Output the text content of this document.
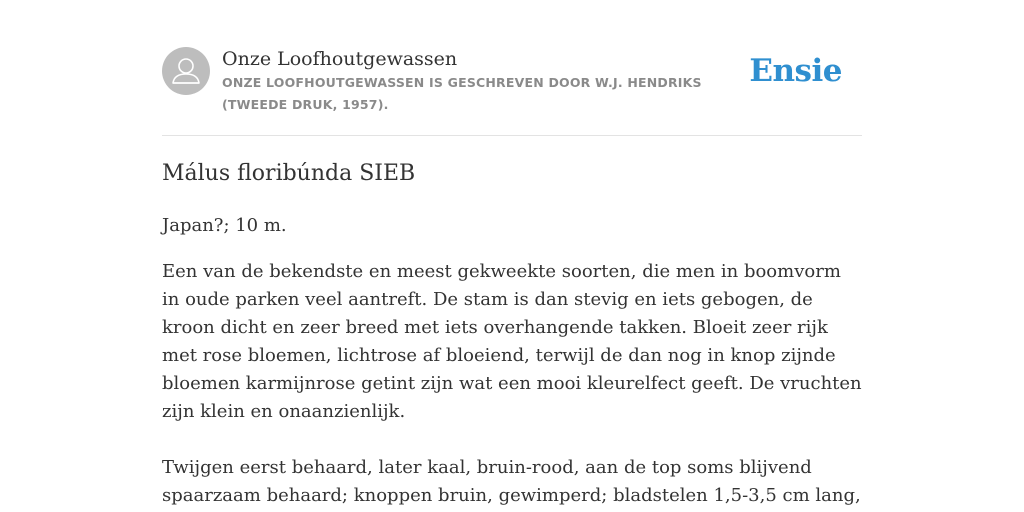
Onze Loofhoutgewassen
ONZE LOOFHOUTGEWASSEN IS GESCHREVEN DOOR W.J. HENDRIKS (TWEEDE DRUK, 1957).
Ensie
Málus floribúnda SIEB

Japan?; 10 m.

Een van de bekendste en meest gekweekte soorten, die men in boomvorm in oude parken veel aantreft. De stam is dan stevig en iets gebogen, de kroon dicht en zeer breed met iets overhangende takken. Bloeit zeer rijk met rose bloemen, lichtrose af bloeiend, terwijl de dan nog in knop zijnde bloemen karmijnrose getint zijn wat een mooi kleurelfect geeft. De vruchten zijn klein en onaanzienlijk.

Twijgen eerst behaard, later kaal, bruin-rood, aan de top soms blijvend spaarzaam behaard; knoppen bruin, gewimperd; bladstelen 1,5-3,5 cm lang,
